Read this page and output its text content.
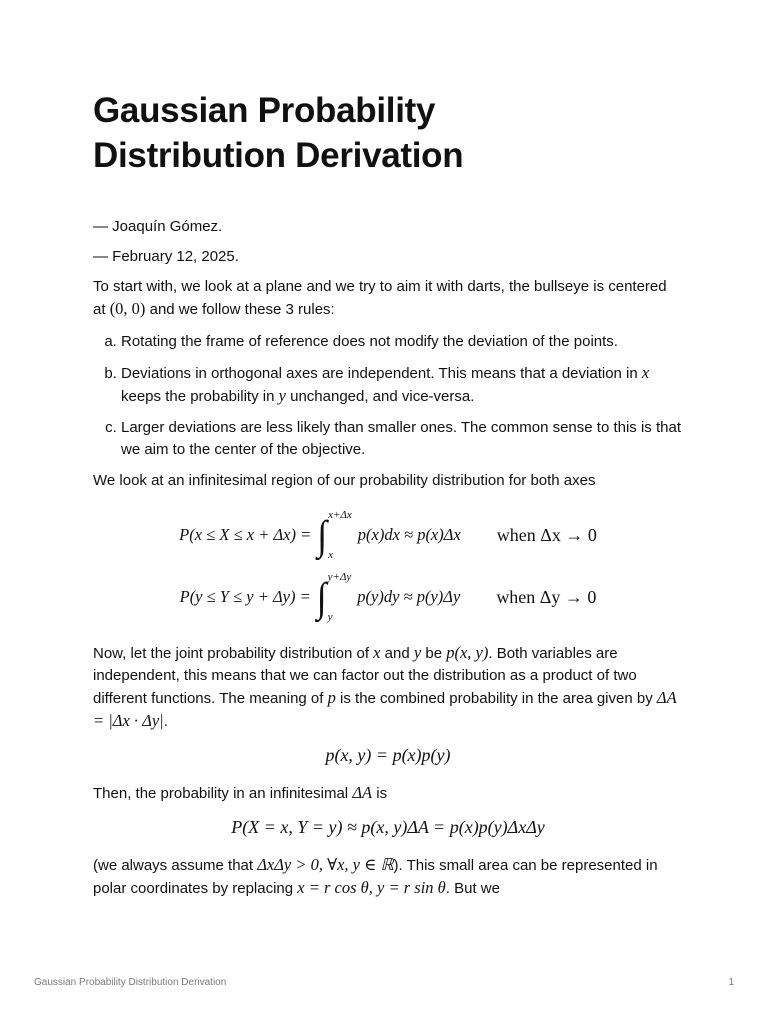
Gaussian Probability
Distribution Derivation

— Joaquín Gómez.

— February 12, 2025.

To start with, we look at a plane and we try to aim it with darts, the bullseye is centered at (0, 0) and we follow these 3 rules:

a. Rotating the frame of reference does not modify the deviation of the points.
b. Deviations in orthogonal axes are independent. This means that a deviation in x keeps the probability in y unchanged, and vice-versa.
c. Larger deviations are less likely than smaller ones. The common sense to this is that we aim to the center of the objective.

We look at an infinitesimal region of our probability distribution for both axes

P(x ≤ X ≤ x + Δx) = ∫ x+Δx
x
p(x)dx ≈ p(x)Δx when Δx → 0
P(y ≤ Y ≤ y + Δy) = ∫ y+Δy
y
p(y)dy ≈ p(y)Δy when Δy → 0

Now, let the joint probability distribution of x and y be p(x, y). Both variables are independent, this means that we can factor out the distribution as a product of two different functions. The meaning of p is the combined probability in the area given by ΔA = |Δx · Δy|.

p(x, y) = p(x)p(y)

Then, the probability in an infinitesimal ΔA is

P(X = x, Y = y) ≈ p(x, y)ΔA = p(x)p(y)ΔxΔy

(we always assume that ΔxΔy > 0, ∀x, y ∈ ℝ). This small area can be represented in polar coordinates by replacing x = r cos θ, y = r sin θ. But we

Gaussian Probability Distribution Derivation	1
